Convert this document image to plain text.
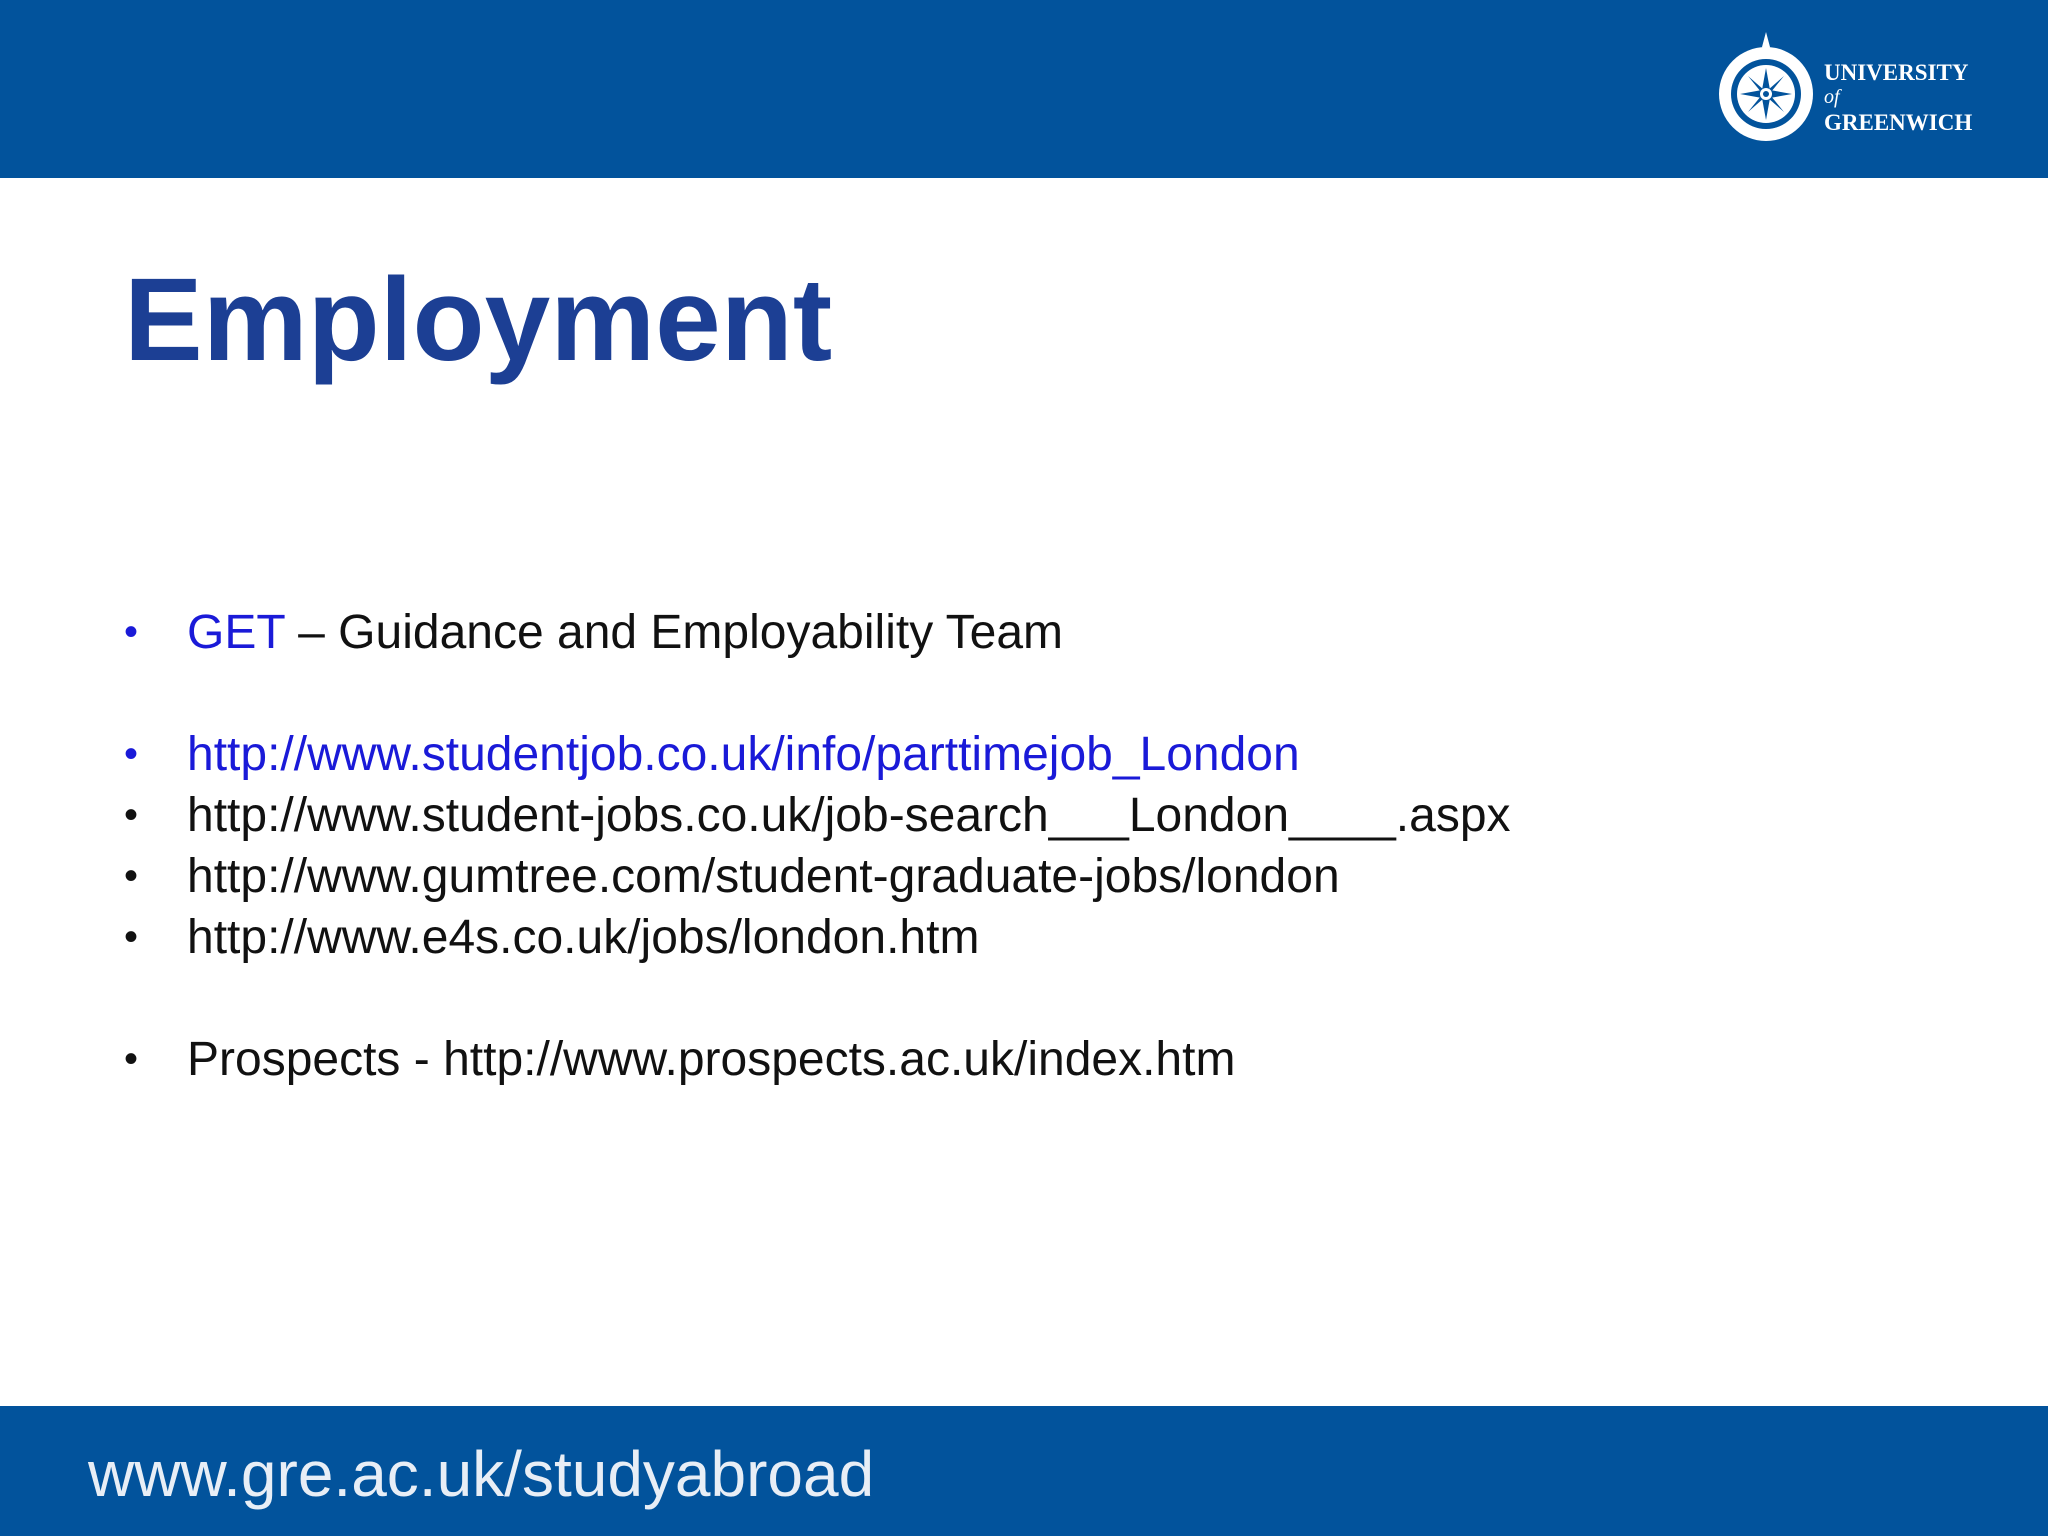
UNIVERSITY
of
GREENWICH
Employment
•	GET – Guidance and Employability Team
•	http://www.studentjob.co.uk/info/parttimejob_London
•	http://www.student-jobs.co.uk/job-search___London____.aspx
•	http://www.gumtree.com/student-graduate-jobs/london
•	http://www.e4s.co.uk/jobs/london.htm
•	Prospects - http://www.prospects.ac.uk/index.htm
www.gre.ac.uk/studyabroad
